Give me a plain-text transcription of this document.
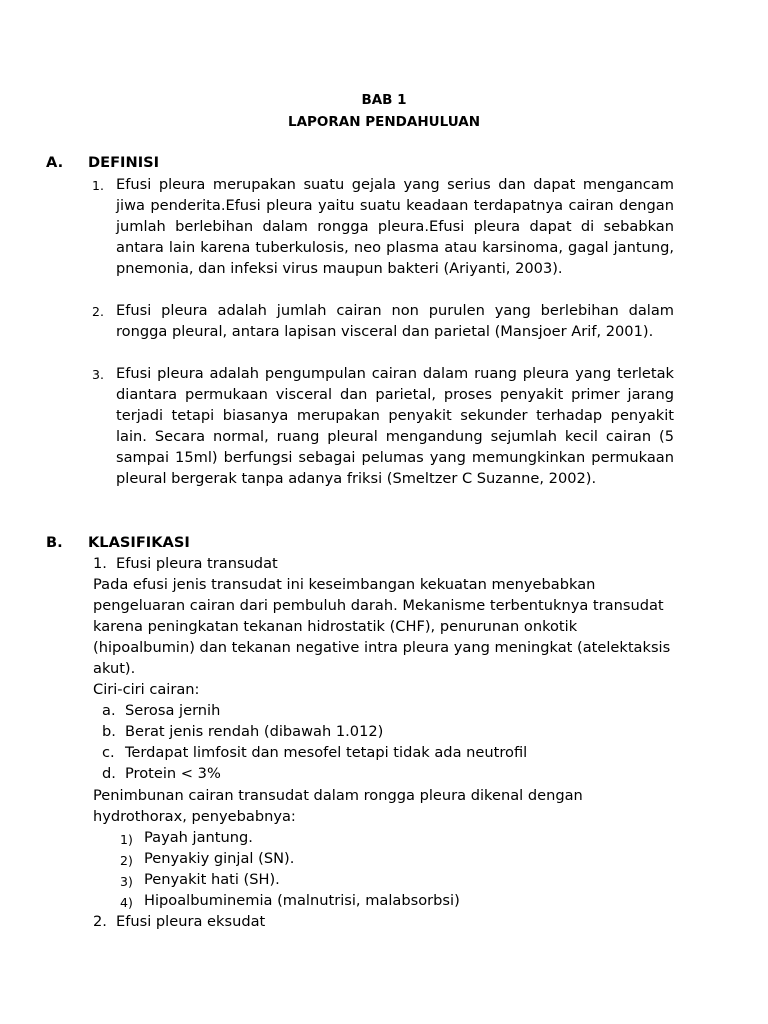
BAB 1
LAPORAN PENDAHULUAN
A. DEFINISI
1. Efusi pleura merupakan suatu gejala yang serius dan dapat mengancam jiwa penderita.Efusi pleura yaitu suatu keadaan terdapatnya cairan dengan jumlah berlebihan dalam rongga pleura.Efusi pleura dapat di sebabkan antara lain karena tuberkulosis, neo plasma atau karsinoma, gagal jantung, pnemonia, dan infeksi virus maupun bakteri (Ariyanti, 2003).

2. Efusi pleura adalah jumlah cairan non purulen yang berlebihan dalam rongga pleural, antara lapisan visceral dan parietal (Mansjoer Arif, 2001).

3. Efusi pleura adalah pengumpulan cairan dalam ruang pleura yang terletak diantara permukaan visceral dan parietal, proses penyakit primer jarang terjadi tetapi biasanya merupakan penyakit sekunder terhadap penyakit lain. Secara normal, ruang pleural mengandung sejumlah kecil cairan (5 sampai 15ml) berfungsi sebagai pelumas yang memungkinkan permukaan pleural bergerak tanpa adanya friksi (Smeltzer C Suzanne, 2002).

B. KLASIFIKASI
1. Efusi pleura transudat

Pada efusi jenis transudat ini keseimbangan kekuatan menyebabkan pengeluaran cairan dari pembuluh darah. Mekanisme terbentuknya transudat karena peningkatan tekanan hidrostatik (CHF), penurunan onkotik (hipoalbumin) dan tekanan negative intra pleura yang meningkat (atelektaksis akut).

Ciri-ciri cairan:
a. Serosa jernih
b. Berat jenis rendah (dibawah 1.012)
c. Terdapat limfosit dan mesofel tetapi tidak ada neutrofil
d. Protein < 3%

Penimbunan cairan transudat dalam rongga pleura dikenal dengan hydrothorax, penyebabnya:

1) Payah jantung.
2) Penyakiy ginjal (SN).
3) Penyakit hati (SH).
4) Hipoalbuminemia (malnutrisi, malabsorbsi)
2. Efusi pleura eksudat
